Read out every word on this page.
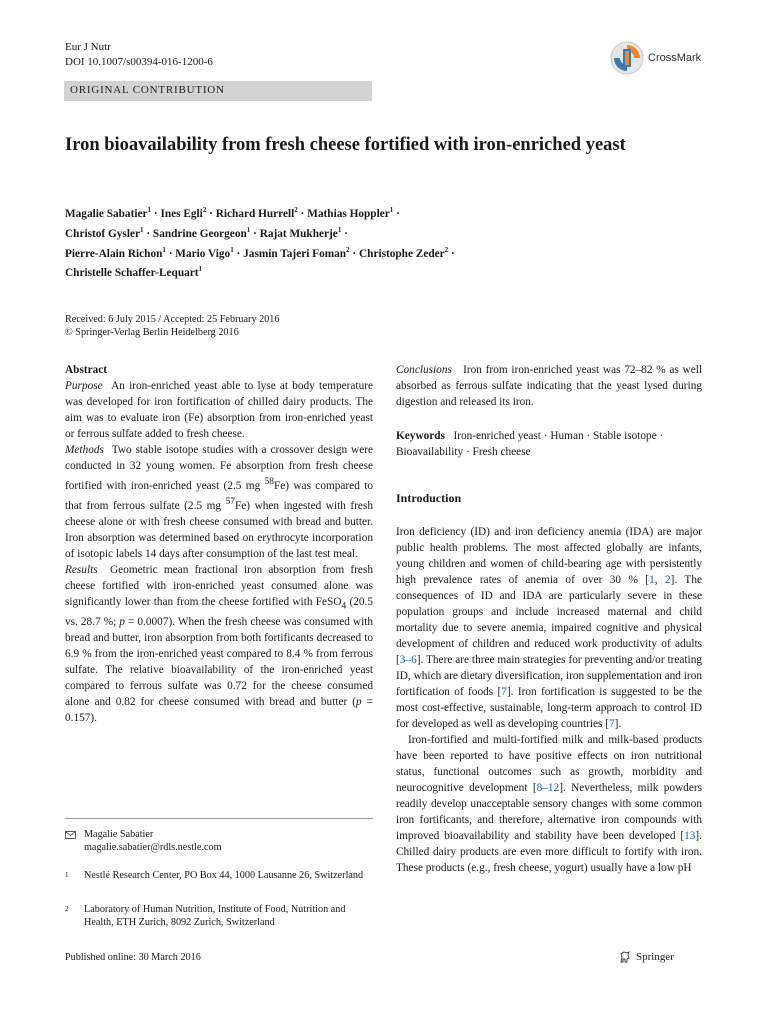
Eur J Nutr
DOI 10.1007/s00394-016-1200-6	CrossMark
ORIGINAL CONTRIBUTION
Iron bioavailability from fresh cheese fortified with iron-enriched yeast
Magalie Sabatier$^1$ · Ines Egli$^2$ · Richard Hurrell$^2$ · Mathias Hoppler$^1$ ·
Christof Gysler$^1$ · Sandrine Georgeon$^1$ · Rajat Mukherje$^1$ ·
Pierre-Alain Richon$^1$ · Mario Vigo$^1$ · Jasmin Tajeri Foman$^2$ · Christophe Zeder$^2$ ·
Christelle Schaffer-Lequart$^1$
Received: 6 July 2015 / Accepted: 25 February 2016
© Springer-Verlag Berlin Heidelberg 2016
Abstract

Purpose An iron-enriched yeast able to lyse at body temperature was developed for iron fortification of chilled dairy products. The aim was to evaluate iron (Fe) absorption from iron-enriched yeast or ferrous sulfate added to fresh cheese.

Methods Two stable isotope studies with a crossover design were conducted in 32 young women. Fe absorption from fresh cheese fortified with iron-enriched yeast (2.5 mg $^{58}$Fe) was compared to that from ferrous sulfate (2.5 mg $^{57}$Fe) when ingested with fresh cheese alone or with fresh cheese consumed with bread and butter. Iron absorption was determined based on erythrocyte incorporation of isotopic labels 14 days after consumption of the last test meal.

Results Geometric mean fractional iron absorption from fresh cheese fortified with iron-enriched yeast consumed alone was significantly lower than from the cheese fortified with FeSO$_4$ (20.5 vs. 28.7 %; p = 0.0007). When the fresh cheese was consumed with bread and butter, iron absorption from both fortificants decreased to 6.9 % from the iron-enriched yeast compared to 8.4 % from ferrous sulfate. The relative bioavailability of the iron-enriched yeast compared to ferrous sulfate was 0.72 for the cheese consumed alone and 0.82 for cheese consumed with bread and butter (p = 0.157).

Conclusions Iron from iron-enriched yeast was 72–82 % as well absorbed as ferrous sulfate indicating that the yeast lysed during digestion and released its iron.

Keywords Iron-enriched yeast · Human · Stable isotope · Bioavailability · Fresh cheese

Introduction

Iron deficiency (ID) and iron deficiency anemia (IDA) are major public health problems. The most affected globally are infants, young children and women of child-bearing age with persistently high prevalence rates of anemia of over 30 % [1, 2]. The consequences of ID and IDA are particularly severe in these population groups and include increased maternal and child mortality due to severe anemia, impaired cognitive and physical development of children and reduced work productivity of adults [3–6]. There are three main strategies for preventing and/or treating ID, which are dietary diversification, iron supplementation and iron fortification of foods [7]. Iron fortification is suggested to be the most cost-effective, sustainable, long-term approach to control ID for developed as well as developing countries [7].

Iron-fortified and multi-fortified milk and milk-based products have been reported to have positive effects on iron nutritional status, functional outcomes such as growth, morbidity and neurocognitive development [8–12]. Nevertheless, milk powders readily develop unacceptable sensory changes with some common iron fortificants, and therefore, alternative iron compounds with improved bioavailability and stability have been developed [13]. Chilled dairy products are even more difficult to fortify with iron. These products (e.g., fresh cheese, yogurt) usually have a low pH

Magalie Sabatier
magalie.sabatier@rdls.nestle.com
1 Nestlé Research Center, PO Box 44, 1000 Lausanne 26, Switzerland
2 Laboratory of Human Nutrition, Institute of Food, Nutrition and Health, ETH Zurich, 8092 Zurich, Switzerland
Published online: 30 March 2016	Springer
